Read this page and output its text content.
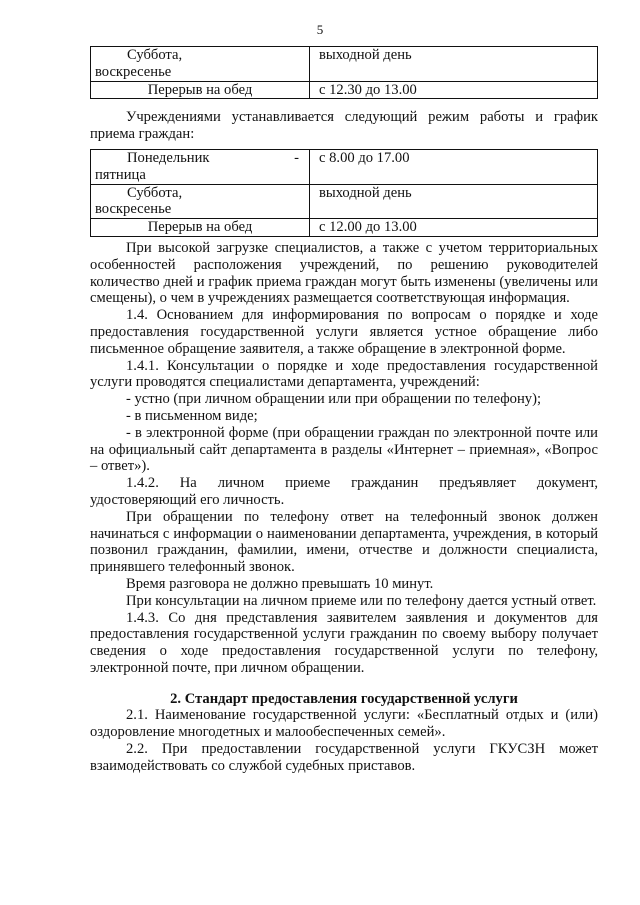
5
Суббота,
воскресенье	выходной день
Перерыв на обед	с 12.30 до 13.00

Учреждениями устанавливается следующий режим работы и график приема граждан:

Понедельник -
пятница	с 8.00 до 17.00

Суббота,
воскресенье	выходной день
Перерыв на обед	с 12.00 до 13.00

При высокой загрузке специалистов, а также с учетом территориальных особенностей расположения учреждений, по решению руководителей количество дней и график приема граждан могут быть изменены (увеличены или смещены), о чем в учреждениях размещается соответствующая информация.

1.4. Основанием для информирования по вопросам о порядке и ходе предоставления государственной услуги является устное обращение либо письменное обращение заявителя, а также обращение в электронной форме.

1.4.1. Консультации о порядке и ходе предоставления государственной услуги проводятся специалистами департамента, учреждений:

- устно (при личном обращении или при обращении по телефону);

- в письменном виде;

- в электронной форме (при обращении граждан по электронной почте или на официальный сайт департамента в разделы «Интернет – приемная», «Вопрос – ответ»).

1.4.2. На личном приеме гражданин предъявляет документ, удостоверяющий его личность.

При обращении по телефону ответ на телефонный звонок должен начинаться с информации о наименовании департамента, учреждения, в который позвонил гражданин, фамилии, имени, отчестве и должности специалиста, принявшего телефонный звонок.

Время разговора не должно превышать 10 минут.

При консультации на личном приеме или по телефону дается устный ответ.

1.4.3. Со дня представления заявителем заявления и документов для предоставления государственной услуги гражданин по своему выбору получает сведения о ходе предоставления государственной услуги по телефону, электронной почте, при личном обращении.

2. Стандарт предоставления государственной услуги

2.1. Наименование государственной услуги: «Бесплатный отдых и (или) оздоровление многодетных и малообеспеченных семей».

2.2. При предоставлении государственной услуги ГКУСЗН может взаимодействовать со службой судебных приставов.
